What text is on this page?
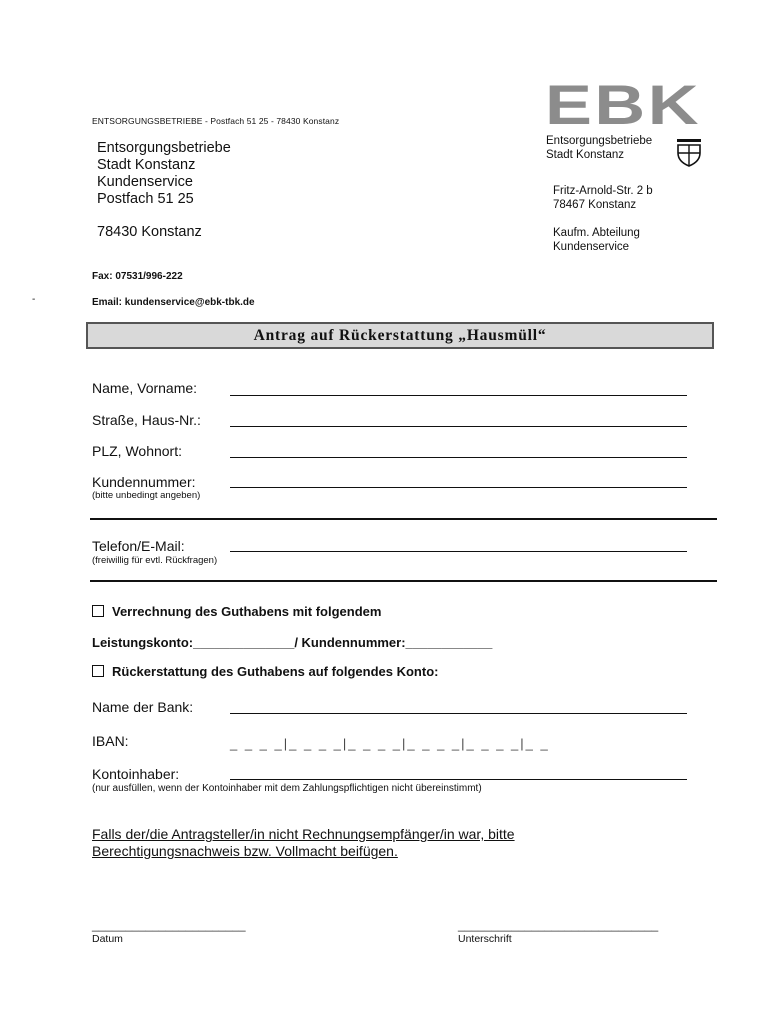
ENTSORGUNGSBETRIEBE - Postfach 51 25 - 78430 Konstanz
Entsorgungsbetriebe
Stadt Konstanz
Kundenservice
Postfach 51 25
78430 Konstanz
EBK
Entsorgungsbetriebe
Stadt Konstanz
Fritz-Arnold-Str. 2 b
78467 Konstanz
Kaufm. Abteilung
Kundenservice
Fax: 07531/996-222
-	Email: kundenservice@ebk-tbk.de
Antrag auf Rückerstattung „Hausmüll“
Name, Vorname:
Straße, Haus-Nr.:
PLZ, Wohnort:
Kundennummer:
(bitte unbedingt angeben)
Telefon/E-Mail:
(freiwillig für evtl. Rückfragen)
Verrechnung des Guthabens mit folgendem
Leistungskonto:______________/ Kundennummer:____________
Rückerstattung des Guthabens auf folgendes Konto:
Name der Bank:
IBAN:	_ _ _ _|_ _ _ _|_ _ _ _|_ _ _ _|_ _ _ _|_ _
Kontoinhaber:
(nur ausfüllen, wenn der Kontoinhaber mit dem Zahlungspflichtigen nicht übereinstimmt)
Falls der/die Antragsteller/in nicht Rechnungsempfänger/in war, bitte
Berechtigungsnachweis bzw. Vollmacht beifügen.
_______________________
Datum
______________________________
Unterschrift
